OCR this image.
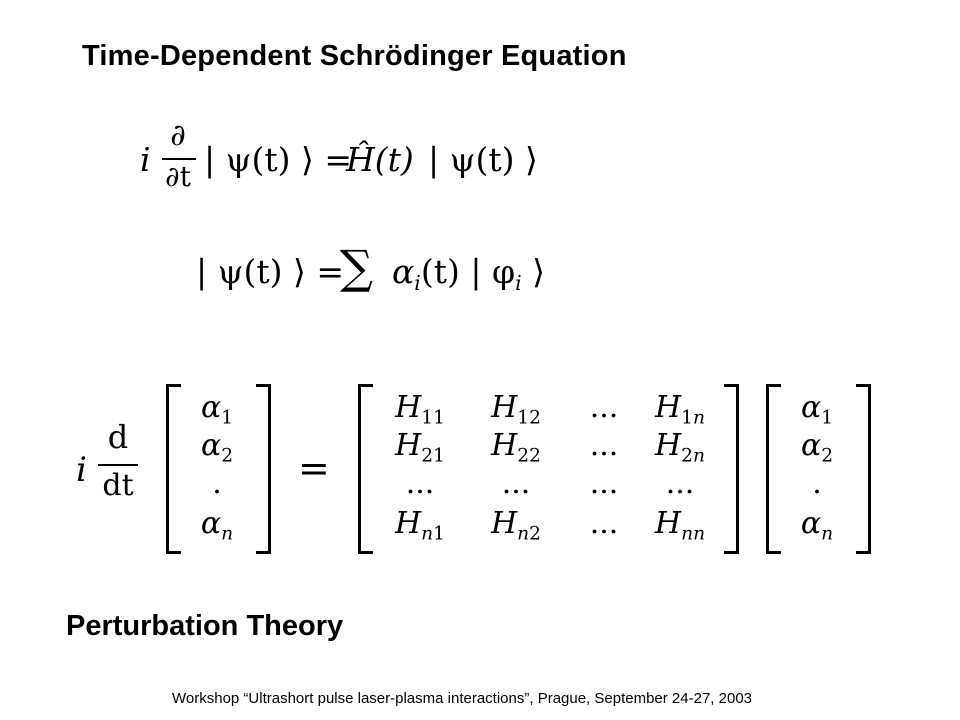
Time-Dependent Schrödinger Equation
i
∂
∂t | ψ(t) ⟩ =
Ĥ(t) | ψ(t) ⟩
| ψ(t) ⟩ =
∑ $\alpha_i(t)$ | $\varphi_i$ ⟩
i
d
dt
$\alpha_1$
$\alpha_2$
.
$\alpha_n$
=
$H_{11}$	$H_{12}$	...	$H_{1n}$
$H_{21}$	$H_{22}$	...	$H_{2n}$
...	...	...	...
$H_{n1}$	$H_{n2}$	...	$H_{nn}$
$\alpha_1$
$\alpha_2$
.
$\alpha_n$
Perturbation Theory
Workshop “Ultrashort pulse laser-plasma interactions”, Prague, September 24-27, 2003
